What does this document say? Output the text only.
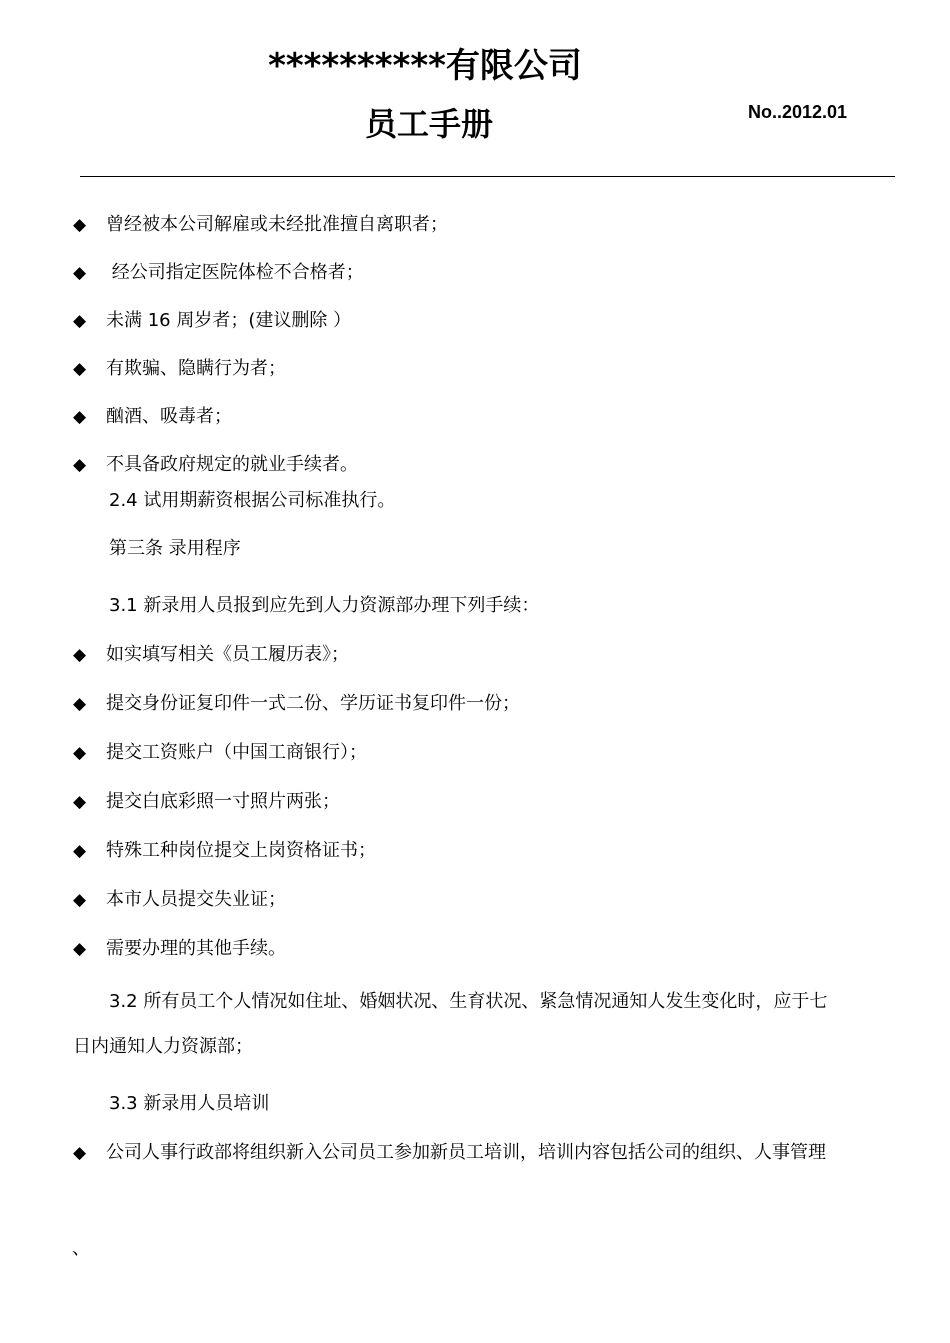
**********有限公司
员工手册	No..2012.01
◆ 曾经被本公司解雇或未经批准擅自离职者；
◆ 经公司指定医院体检不合格者；
◆ 未满 16 周岁者；(建议删除 ）
◆ 有欺骗、隐瞒行为者；
◆ 酗酒、吸毒者；
◆ 不具备政府规定的就业手续者。
2.4 试用期薪资根据公司标准执行。
第三条 录用程序
3.1 新录用人员报到应先到人力资源部办理下列手续：
◆ 如实填写相关《员工履历表》；
◆ 提交身份证复印件一式二份、学历证书复印件一份；
◆ 提交工资账户（中国工商银行）；
◆ 提交白底彩照一寸照片两张；
◆ 特殊工种岗位提交上岗资格证书；
◆ 本市人员提交失业证；
◆ 需要办理的其他手续。
3.2 所有员工个人情况如住址、婚姻状况、生育状况、紧急情况通知人发生变化时，应于七
日内通知人力资源部；
3.3 新录用人员培训
◆ 公司人事行政部将组织新入公司员工参加新员工培训，培训内容包括公司的组织、人事管理
、
